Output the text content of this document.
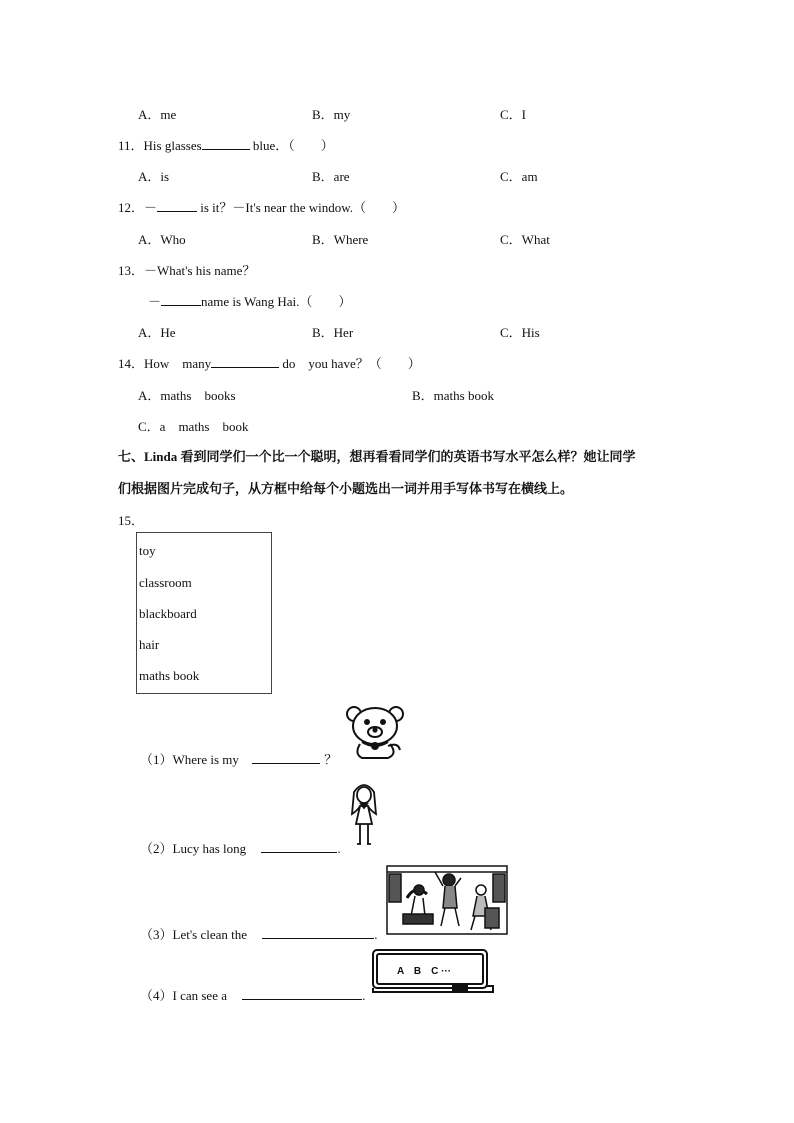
A．me	B．my	C．I
11．His glasses	blue．（　　）
A．is	B．are	C．am
12．－	is it？－It's near the window.（　　）
A．Who	B．Where	C．What
13．－What's his name？
－	name is Wang Hai.（　　）
A．He	B．Her	C．His
14．How　many	do　you have？（　　）
A．maths　books	B．maths book
C．a　maths　book
七、Linda 看到同学们一个比一个聪明，想再看看同学们的英语书写水平怎么样？她让同学
们根据图片完成句子，从方框中给每个小题选出一词并用手写体书写在横线上。
15．
toy
classroom
blackboard
hair
maths book
（1）Where is my	？
（2）Lucy has long	.
（3）Let's clean the	.
A　B　C ···
（4）I can see a	.
